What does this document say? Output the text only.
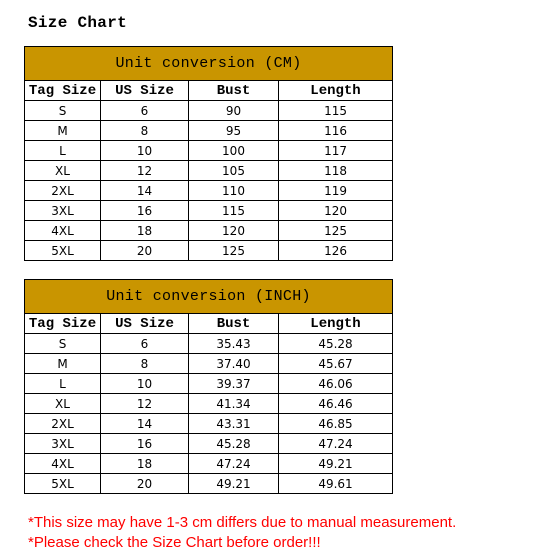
Size Chart
Unit conversion (CM)			
Tag Size	US Size	Bust	Length
S	6	90	115
M	8	95	116
L	10	100	117
XL	12	105	118
2XL	14	110	119
3XL	16	115	120
4XL	18	120	125
5XL	20	125	126
Unit conversion (INCH)			
Tag Size	US Size	Bust	Length
S	6	35.43	45.28
M	8	37.40	45.67
L	10	39.37	46.06
XL	12	41.34	46.46
2XL	14	43.31	46.85
3XL	16	45.28	47.24
4XL	18	47.24	49.21
5XL	20	49.21	49.61
*This size may have 1-3 cm differs due to manual measurement.
*Please check the Size Chart before order!!!
